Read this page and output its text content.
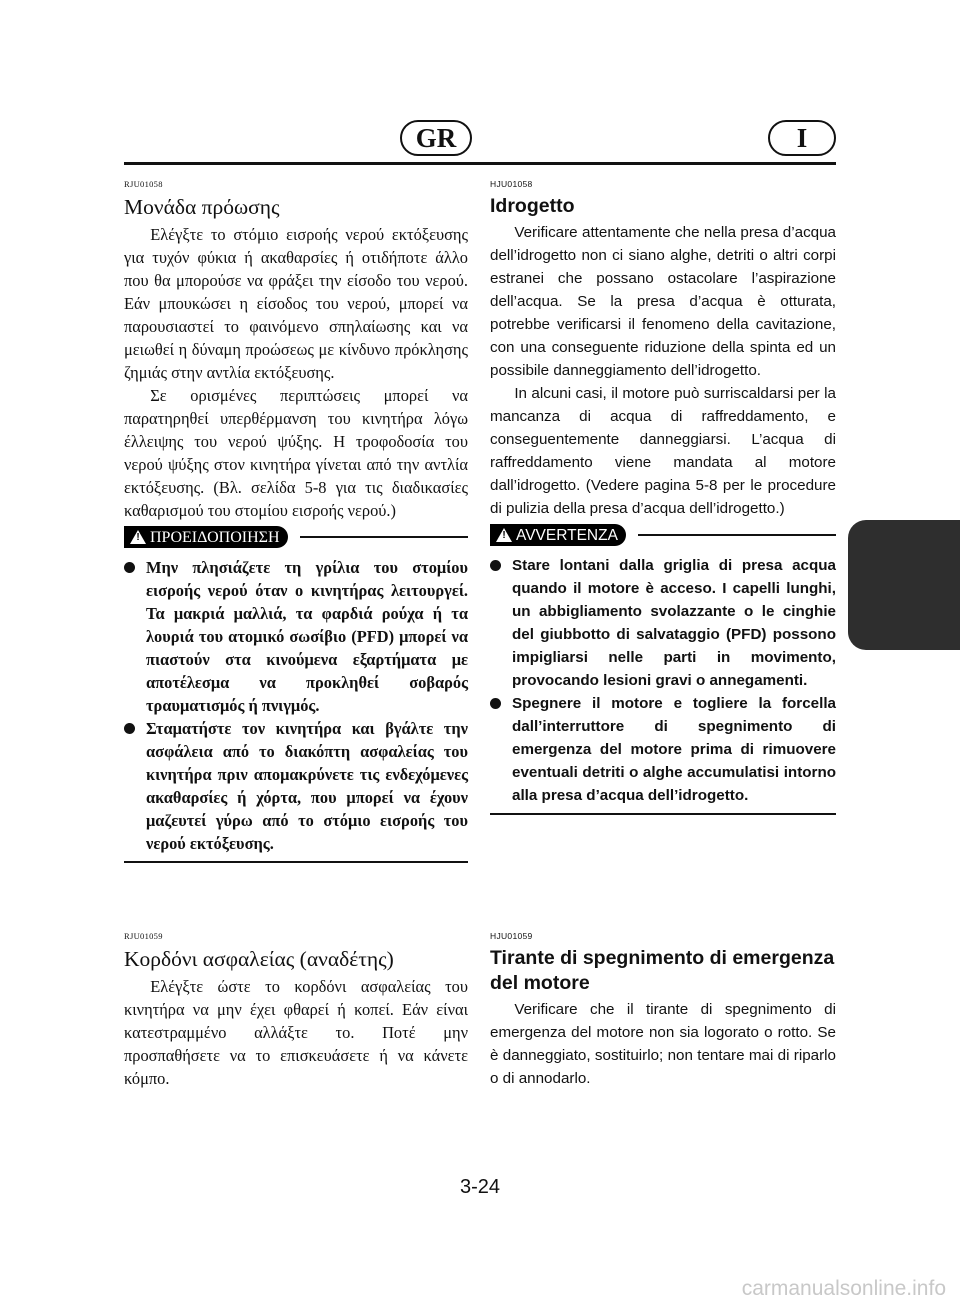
GR	I

RJU01058

Μονάδα πρόωσης

Ελέγξτε το στόμιο εισροής νερού εκτόξευσης για τυχόν φύκια ή ακαθαρσίες ή οτιδήποτε άλλο που θα μπορούσε να φράξει την είσοδο του νερού. Εάν μπουκώσει η είσοδος του νερού, μπορεί να παρουσιαστεί το φαινόμενο σπηλαίωσης και να μειωθεί η δύναμη προώσεως με κίνδυνο πρόκλησης ζημιάς στην αντλία εκτόξευσης.

Σε ορισμένες περιπτώσεις μπορεί να παρατηρηθεί υπερθέρμανση του κινητήρα λόγω έλλειψης του νερού ψύξης. Η τροφοδοσία του νερού ψύξης στον κινητήρα γίνεται από την αντλία εκτόξευσης. (Βλ. σελίδα 5-8 για τις διαδικασίες καθαρισμού του στομίου εισροής νερού.)

! ΠΡΟΕΙΔΟΠΟΙΗΣΗ
Μην πλησιάζετε τη γρίλια του στομίου εισροής νερού όταν ο κινητήρας λειτουργεί. Τα μακριά μαλλιά, τα φαρδιά ρούχα ή τα λουριά του ατομικό σωσίβιο (PFD) μπορεί να πιαστούν στα κινούμενα εξαρτήματα με αποτέλεσμα να προκληθεί σοβαρός τραυματισμός ή πνιγμός.
Σταματήστε τον κινητήρα και βγάλτε την ασφάλεια από το διακόπτη ασφαλείας του κινητήρα πριν απομακρύνετε τις ενδεχόμενες ακαθαρσίες ή χόρτα, που μπορεί να έχουν μαζευτεί γύρω από το στόμιο εισροής του νερού εκτόξευσης.

HJU01058

Idrogetto

Verificare attentamente che nella presa d’acqua dell’idrogetto non ci siano alghe, detriti o altri corpi estranei che possano ostacolare l’aspirazione dell’acqua. Se la presa d’acqua è otturata, potrebbe verificarsi il fenomeno della cavitazione, con una conseguente riduzione della spinta ed un possibile danneggiamento dell’idrogetto.

In alcuni casi, il motore può surriscaldarsi per la mancanza di acqua di raffreddamento, e conseguentemente danneggiarsi. L’acqua di raffreddamento viene mandata al motore dall’idrogetto. (Vedere pagina 5-8 per le procedure di pulizia della presa d’acqua dell’idrogetto.)

! AVVERTENZA
Stare lontani dalla griglia di presa acqua quando il motore è acceso. I capelli lunghi, un abbigliamento svolazzante o le cinghie del giubbotto di salvataggio (PFD) possono impigliarsi nelle parti in movimento, provocando lesioni gravi o annegamenti.
Spegnere il motore e togliere la forcella dall’interruttore di spegnimento di emergenza del motore prima di rimuovere eventuali detriti o alghe accumulatisi intorno alla presa d’acqua dell’idrogetto.

RJU01059

Κορδόνι ασφαλείας (αναδέτης)

Ελέγξτε ώστε το κορδόνι ασφαλείας του κινητήρα να μην έχει φθαρεί ή κοπεί. Εάν είναι κατεστραμμένο αλλάξτε το. Ποτέ μην προσπαθήσετε να το επισκευάσετε ή να κάνετε κόμπο.

HJU01059

Tirante di spegnimento di emergenza del motore

Verificare che il tirante di spegnimento di emergenza del motore non sia logorato o rotto. Se è danneggiato, sostituirlo; non tentare mai di riparlo o di annodarlo.

3-24
carmanualsonline.info
